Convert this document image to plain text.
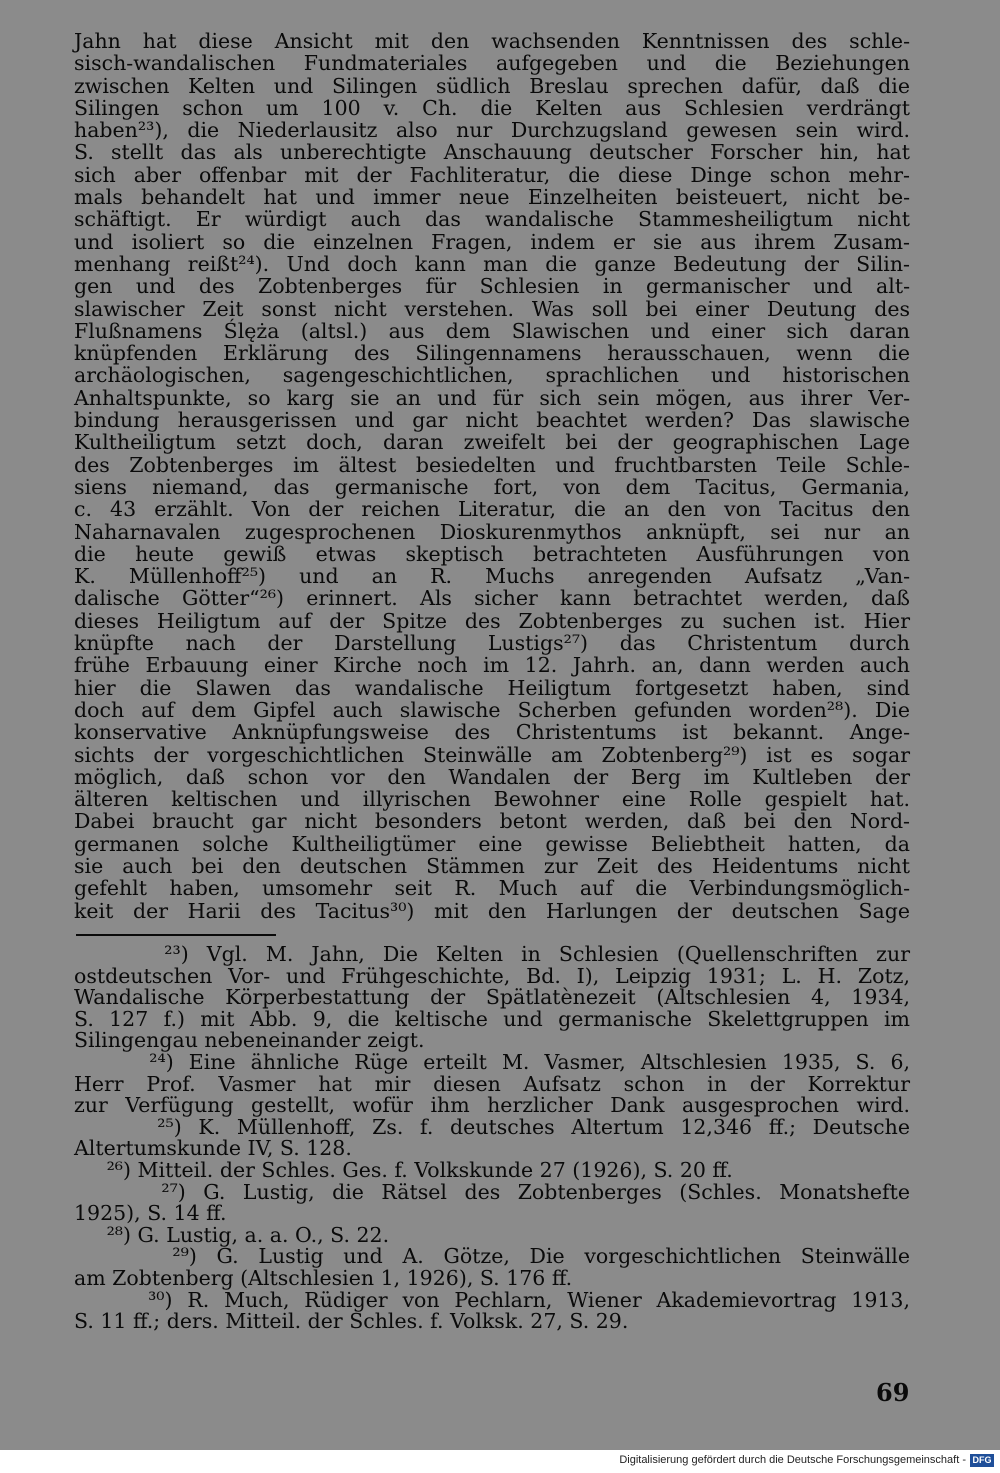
Jahn hat diese Ansicht mit den wachsenden Kenntnissen des schle-
sisch-wandalischen Fundmateriales aufgegeben und die Beziehungen
zwischen Kelten und Silingen südlich Breslau sprechen dafür, daß die
Silingen schon um 100 v. Ch. die Kelten aus Schlesien verdrängt
haben²³), die Niederlausitz also nur Durchzugsland gewesen sein wird.
S. stellt das als unberechtigte Anschauung deutscher Forscher hin, hat
sich aber offenbar mit der Fachliteratur, die diese Dinge schon mehr-
mals behandelt hat und immer neue Einzelheiten beisteuert, nicht be-
schäftigt. Er würdigt auch das wandalische Stammesheiligtum nicht
und isoliert so die einzelnen Fragen, indem er sie aus ihrem Zusam-
menhang reißt²⁴). Und doch kann man die ganze Bedeutung der Silin-
gen und des Zobtenberges für Schlesien in germanischer und alt-
slawischer Zeit sonst nicht verstehen. Was soll bei einer Deutung des
Flußnamens Ślęża (altsl.) aus dem Slawischen und einer sich daran
knüpfenden Erklärung des Silingennamens herausschauen, wenn die
archäologischen, sagengeschichtlichen, sprachlichen und historischen
Anhaltspunkte, so karg sie an und für sich sein mögen, aus ihrer Ver-
bindung herausgerissen und gar nicht beachtet werden? Das slawische
Kultheiligtum setzt doch, daran zweifelt bei der geographischen Lage
des Zobtenberges im ältest besiedelten und fruchtbarsten Teile Schle-
siens niemand, das germanische fort, von dem Tacitus, Germania,
c. 43 erzählt. Von der reichen Literatur, die an den von Tacitus den
Naharnavalen zugesprochenen Dioskurenmythos anknüpft, sei nur an
die heute gewiß etwas skeptisch betrachteten Ausführungen von
K. Müllenhoff²⁵) und an R. Muchs anregenden Aufsatz „Van-
dalische Götter“²⁶) erinnert. Als sicher kann betrachtet werden, daß
dieses Heiligtum auf der Spitze des Zobtenberges zu suchen ist. Hier
knüpfte nach der Darstellung Lustigs²⁷) das Christentum durch
frühe Erbauung einer Kirche noch im 12. Jahrh. an, dann werden auch
hier die Slawen das wandalische Heiligtum fortgesetzt haben, sind
doch auf dem Gipfel auch slawische Scherben gefunden worden²⁸). Die
konservative Anknüpfungsweise des Christentums ist bekannt. Ange-
sichts der vorgeschichtlichen Steinwälle am Zobtenberg²⁹) ist es sogar
möglich, daß schon vor den Wandalen der Berg im Kultleben der
älteren keltischen und illyrischen Bewohner eine Rolle gespielt hat.
Dabei braucht gar nicht besonders betont werden, daß bei den Nord-
germanen solche Kultheiligtümer eine gewisse Beliebtheit hatten, da
sie auch bei den deutschen Stämmen zur Zeit des Heidentums nicht
gefehlt haben, umsomehr seit R. Much auf die Verbindungsmöglich-
keit der Harii des Tacitus³⁰) mit den Harlungen der deutschen Sage
²³) Vgl. M. Jahn, Die Kelten in Schlesien (Quellenschriften zur
ostdeutschen Vor- und Frühgeschichte, Bd. I), Leipzig 1931; L. H. Zotz,
Wandalische Körperbestattung der Spätlatènezeit (Altschlesien 4, 1934,
S. 127 f.) mit Abb. 9, die keltische und germanische Skelettgruppen im
Silingengau nebeneinander zeigt.
²⁴) Eine ähnliche Rüge erteilt M. Vasmer, Altschlesien 1935, S. 6,
Herr Prof. Vasmer hat mir diesen Aufsatz schon in der Korrektur
zur Verfügung gestellt, wofür ihm herzlicher Dank ausgesprochen wird.
²⁵) K. Müllenhoff, Zs. f. deutsches Altertum 12,346 ff.; Deutsche
Altertumskunde IV, S. 128.
²⁶) Mitteil. der Schles. Ges. f. Volkskunde 27 (1926), S. 20 ff.
²⁷) G. Lustig, die Rätsel des Zobtenberges (Schles. Monatshefte
1925), S. 14 ff.
²⁸) G. Lustig, a. a. O., S. 22.
²⁹) G. Lustig und A. Götze, Die vorgeschichtlichen Steinwälle
am Zobtenberg (Altschlesien 1, 1926), S. 176 ff.
³⁰) R. Much, Rüdiger von Pechlarn, Wiener Akademievortrag 1913,
S. 11 ff.; ders. Mitteil. der Schles. f. Volksk. 27, S. 29.
69
Digitalisierung gefördert durch die Deutsche Forschungsgemeinschaft - DFG
